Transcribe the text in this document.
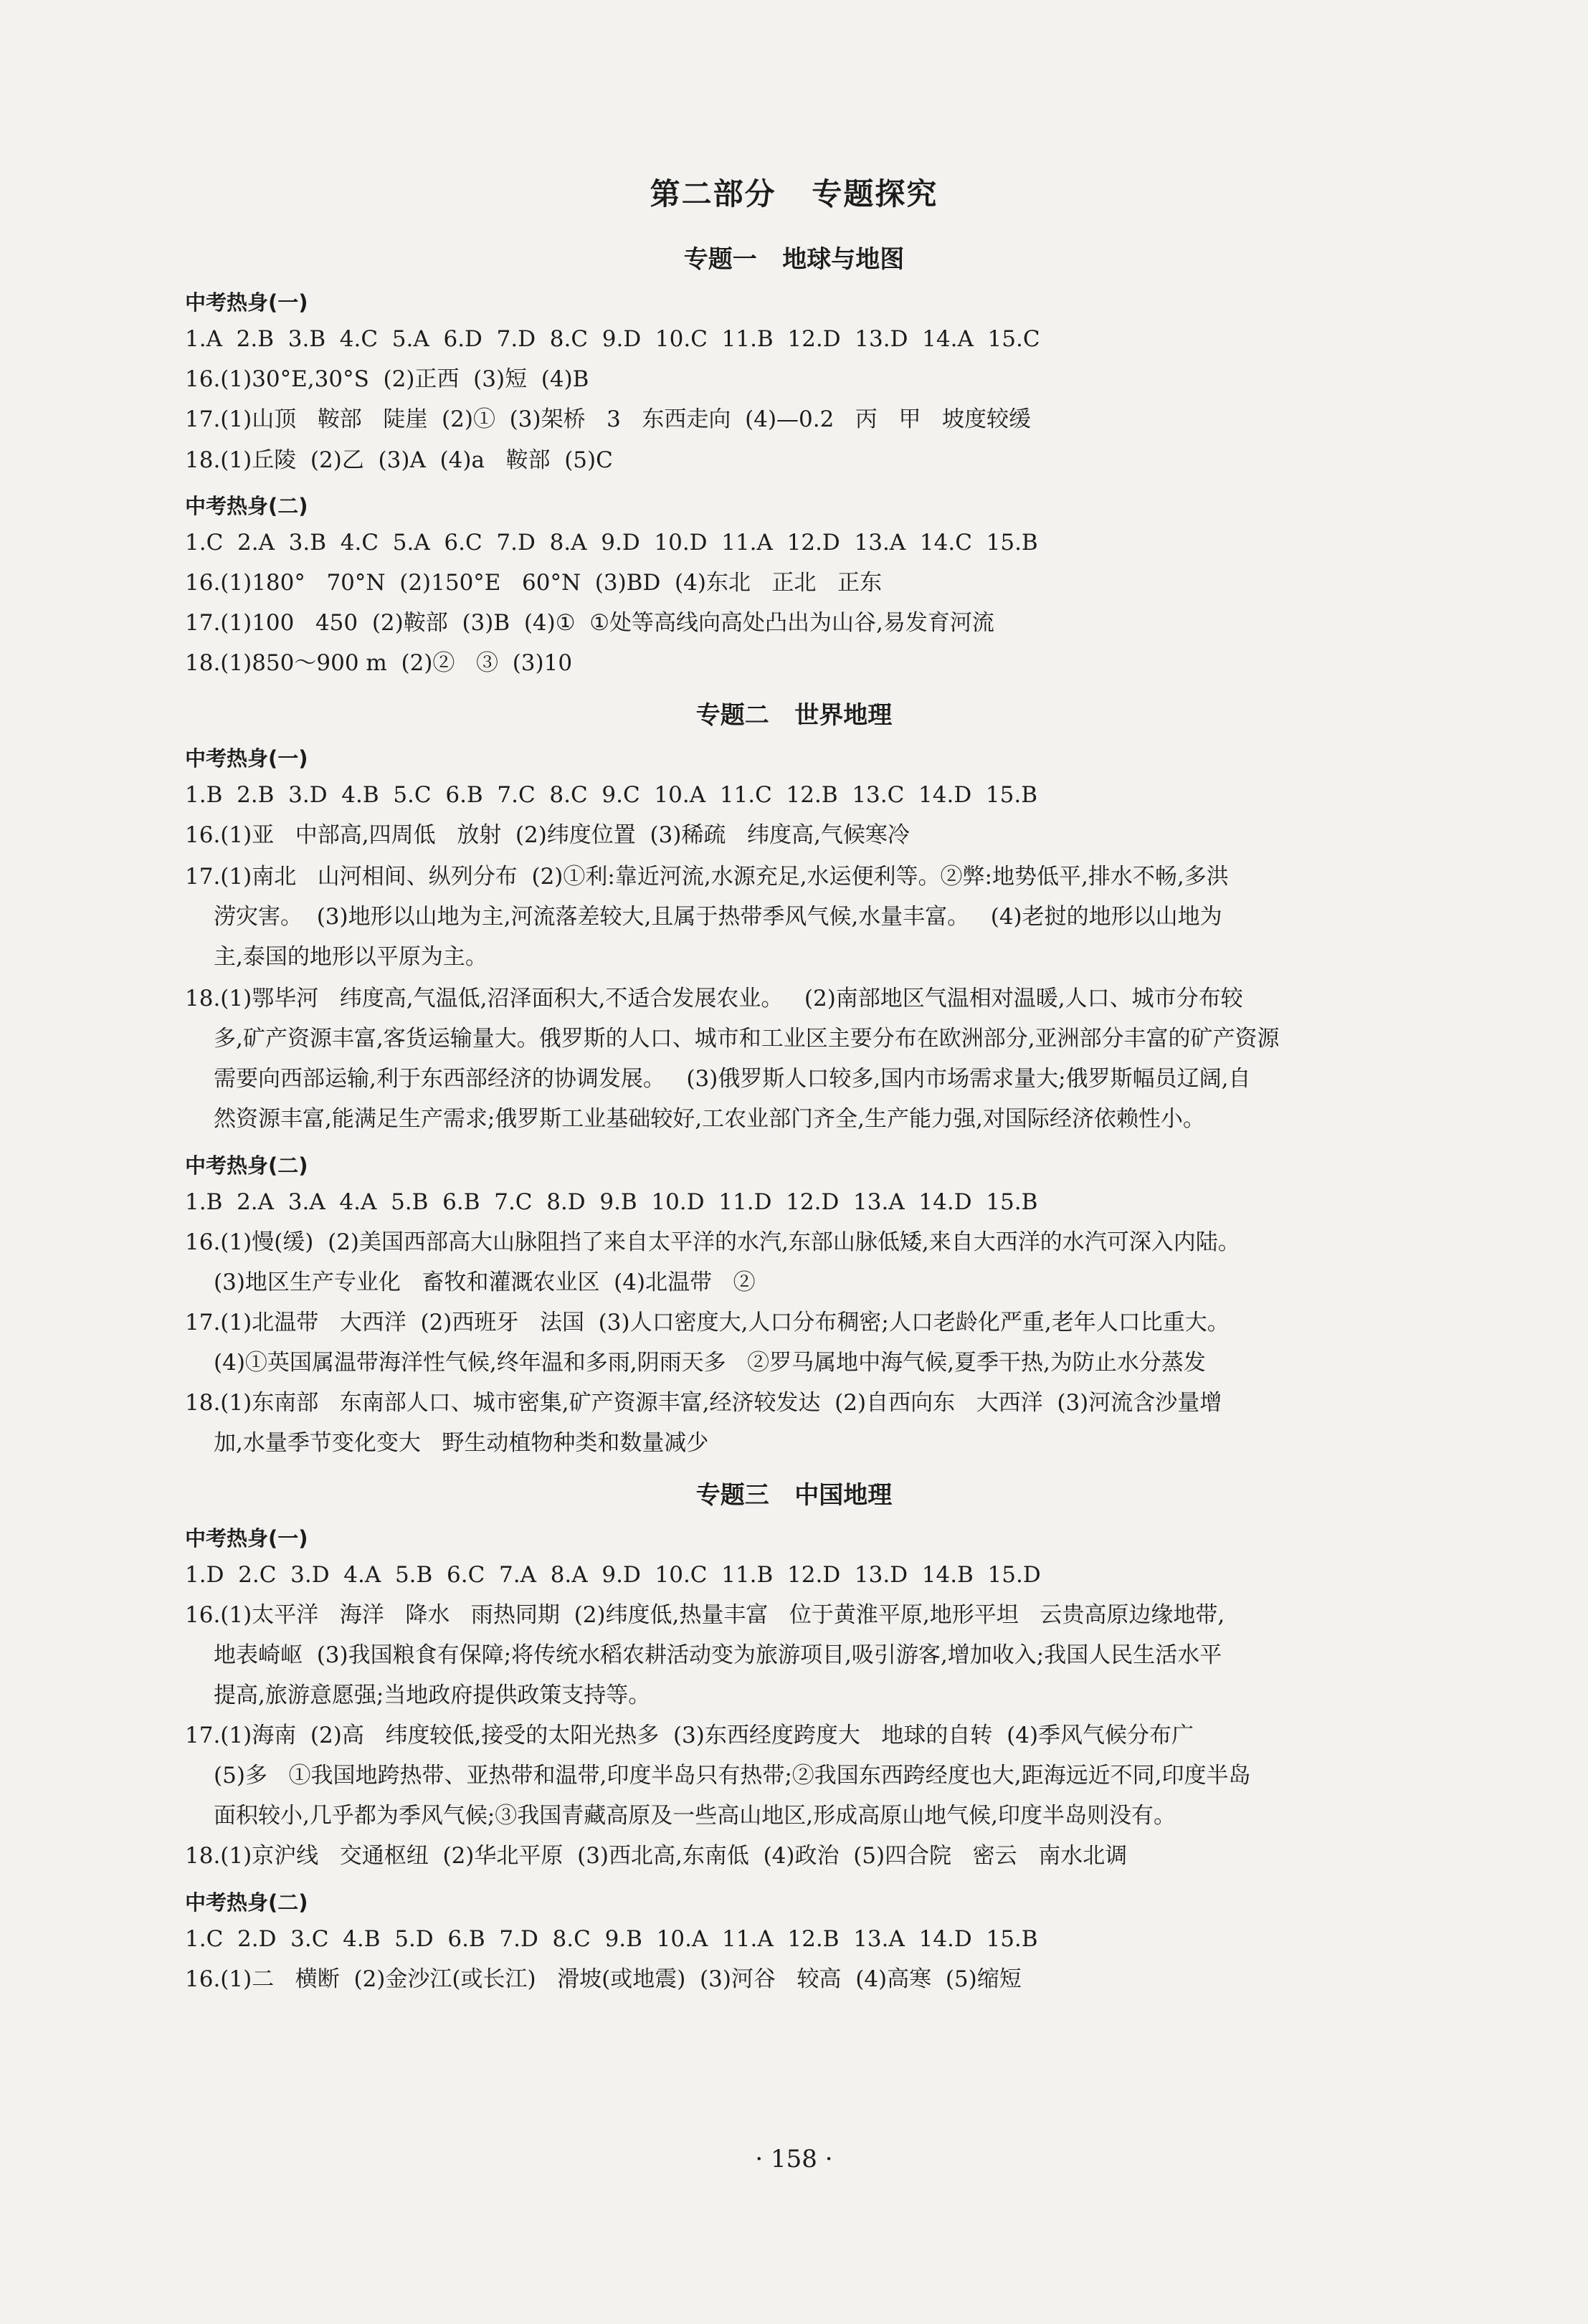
第二部分   专题探究
专题一   地球与地图
中考热身(一)
1.A  2.B  3.B  4.C  5.A  6.D  7.D  8.C  9.D  10.C  11.B  12.D  13.D  14.A  15.C
16.(1)30°E,30°S  (2)正西  (3)短  (4)B
17.(1)山顶   鞍部   陡崖  (2)①  (3)架桥   3   东西走向  (4)—0.2   丙   甲   坡度较缓
18.(1)丘陵  (2)乙  (3)A  (4)a   鞍部  (5)C
中考热身(二)
1.C  2.A  3.B  4.C  5.A  6.C  7.D  8.A  9.D  10.D  11.A  12.D  13.A  14.C  15.B
16.(1)180°   70°N  (2)150°E   60°N  (3)BD  (4)东北   正北   正东
17.(1)100   450  (2)鞍部  (3)B  (4)①  ①处等高线向高处凸出为山谷,易发育河流
18.(1)850～900 m  (2)②   ③  (3)10
专题二   世界地理
中考热身(一)
1.B  2.B  3.D  4.B  5.C  6.B  7.C  8.C  9.C  10.A  11.C  12.B  13.C  14.D  15.B
16.(1)亚   中部高,四周低   放射  (2)纬度位置  (3)稀疏   纬度高,气候寒冷
17.(1)南北   山河相间、纵列分布  (2)①利:靠近河流,水源充足,水运便利等。②弊:地势低平,排水不畅,多洪
涝灾害。  (3)地形以山地为主,河流落差较大,且属于热带季风气候,水量丰富。   (4)老挝的地形以山地为
主,泰国的地形以平原为主。
18.(1)鄂毕河   纬度高,气温低,沼泽面积大,不适合发展农业。   (2)南部地区气温相对温暖,人口、城市分布较
多,矿产资源丰富,客货运输量大。俄罗斯的人口、城市和工业区主要分布在欧洲部分,亚洲部分丰富的矿产资源
需要向西部运输,利于东西部经济的协调发展。   (3)俄罗斯人口较多,国内市场需求量大;俄罗斯幅员辽阔,自
然资源丰富,能满足生产需求;俄罗斯工业基础较好,工农业部门齐全,生产能力强,对国际经济依赖性小。
中考热身(二)
1.B  2.A  3.A  4.A  5.B  6.B  7.C  8.D  9.B  10.D  11.D  12.D  13.A  14.D  15.B
16.(1)慢(缓)  (2)美国西部高大山脉阻挡了来自太平洋的水汽,东部山脉低矮,来自大西洋的水汽可深入内陆。
(3)地区生产专业化   畜牧和灌溉农业区  (4)北温带   ②
17.(1)北温带   大西洋  (2)西班牙   法国  (3)人口密度大,人口分布稠密;人口老龄化严重,老年人口比重大。
(4)①英国属温带海洋性气候,终年温和多雨,阴雨天多   ②罗马属地中海气候,夏季干热,为防止水分蒸发
18.(1)东南部   东南部人口、城市密集,矿产资源丰富,经济较发达  (2)自西向东   大西洋  (3)河流含沙量增
加,水量季节变化变大   野生动植物种类和数量减少
专题三   中国地理
中考热身(一)
1.D  2.C  3.D  4.A  5.B  6.C  7.A  8.A  9.D  10.C  11.B  12.D  13.D  14.B  15.D
16.(1)太平洋   海洋   降水   雨热同期  (2)纬度低,热量丰富   位于黄淮平原,地形平坦   云贵高原边缘地带,
地表崎岖  (3)我国粮食有保障;将传统水稻农耕活动变为旅游项目,吸引游客,增加收入;我国人民生活水平
提高,旅游意愿强;当地政府提供政策支持等。
17.(1)海南  (2)高   纬度较低,接受的太阳光热多  (3)东西经度跨度大   地球的自转  (4)季风气候分布广
(5)多   ①我国地跨热带、亚热带和温带,印度半岛只有热带;②我国东西跨经度也大,距海远近不同,印度半岛
面积较小,几乎都为季风气候;③我国青藏高原及一些高山地区,形成高原山地气候,印度半岛则没有。
18.(1)京沪线   交通枢纽  (2)华北平原  (3)西北高,东南低  (4)政治  (5)四合院   密云   南水北调
中考热身(二)
1.C  2.D  3.C  4.B  5.D  6.B  7.D  8.C  9.B  10.A  11.A  12.B  13.A  14.D  15.B
16.(1)二   横断  (2)金沙江(或长江)   滑坡(或地震)  (3)河谷   较高  (4)高寒  (5)缩短
· 158 ·
